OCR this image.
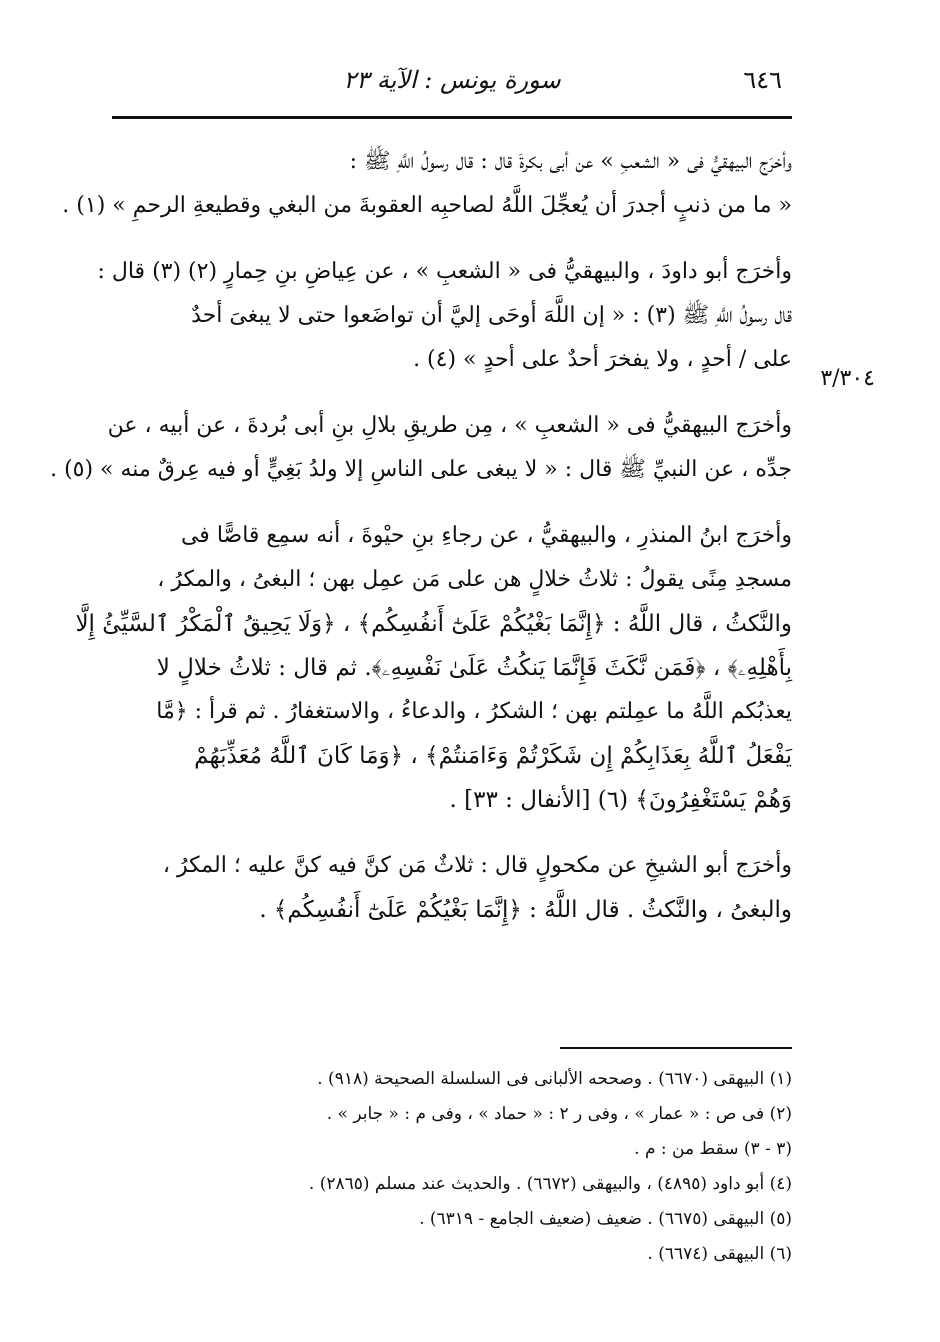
٦٤٦
سورة يونس : الآية ٢٣
٣/٣٠٤

وأخرَج البيهقيُّ فى « الشعبِ » عن أبى بكرةَ قال : قال رسولُ اللَّهِ ﷺ :
« ما من ذنبٍ أجدرَ أن يُعجِّلَ اللَّهُ لصاحبِه العقوبةَ من البغي وقطيعةِ الرحمِ » (١) .

وأخرَج أبو داودَ ، والبيهقيُّ فى « الشعبِ » ، عن عِياضِ بنِ حِمارٍ (٢) (٣) قال :
قال رسولُ اللَّهِ ﷺ (٣) : « إن اللَّهَ أوحَى إليَّ أن تواضَعوا حتى لا يبغىَ أحدٌ
على / أحدٍ ، ولا يفخرَ أحدٌ على أحدٍ » (٤) .

وأخرَج البيهقيُّ فى « الشعبِ » ، مِن طريقِ بلالِ بنِ أبى بُردةَ ، عن أبيه ، عن
جدِّه ، عن النبيِّ ﷺ قال : « لا يبغى على الناسِ إلا ولدُ بَغِيٍّ أو فيه عِرقٌ منه » (٥) .

وأخرَج ابنُ المنذرِ ، والبيهقيُّ ، عن رجاءِ بنِ حيْوةَ ، أنه سمِع قاصًّا فى
مسجدِ مِنًى يقولُ : ثلاثُ خلالٍ هن على مَن عمِل بهن ؛ البغىُ ، والمكرُ ،
والنَّكثُ ، قال اللَّهُ : ﴿إِنَّمَا بَغْيُكُمْ عَلَىٰٓ أَنفُسِكُم﴾ ، ﴿وَلَا يَحِيقُ ٱلْمَكْرُ ٱلسَّيِّئُ إِلَّا
بِأَهْلِهِۦ﴾ ، ﴿فَمَن نَّكَثَ فَإِنَّمَا يَنكُثُ عَلَىٰ نَفْسِهِۦ﴾. ثم قال : ثلاثُ خلالٍ لا
يعذبُكم اللَّهُ ما عمِلتم بهن ؛ الشكرُ ، والدعاءُ ، والاستغفارُ . ثم قرأ : ﴿مَّا
يَفْعَلُ ٱللَّهُ بِعَذَابِكُمْ إِن شَكَرْتُمْ وَءَامَنتُمْ﴾ ، ﴿وَمَا كَانَ ٱللَّهُ مُعَذِّبَهُمْ
وَهُمْ يَسْتَغْفِرُونَ﴾ (٦) [الأنفال : ٣٣] .

وأخرَج أبو الشيخِ عن مكحولٍ قال : ثلاثٌ مَن كنَّ فيه كنَّ عليه ؛ المكرُ ،
والبغىُ ، والنَّكثُ . قال اللَّهُ : ﴿إِنَّمَا بَغْيُكُمْ عَلَىٰٓ أَنفُسِكُم﴾ .

(١) البيهقى (٦٦٧٠) . وصححه الألبانى فى السلسلة الصحيحة (٩١٨) .
(٢) فى ص : « عمار » ، وفى ر ٢ : « حماد » ، وفى م : « جابر » .
(٣ - ٣) سقط من : م .
(٤) أبو داود (٤٨٩٥) ، والبيهقى (٦٦٧٢) . والحديث عند مسلم (٢٨٦٥) .
(٥) البيهقى (٦٦٧٥) . ضعيف (ضعيف الجامع - ٦٣١٩) .
(٦) البيهقى (٦٦٧٤) .
